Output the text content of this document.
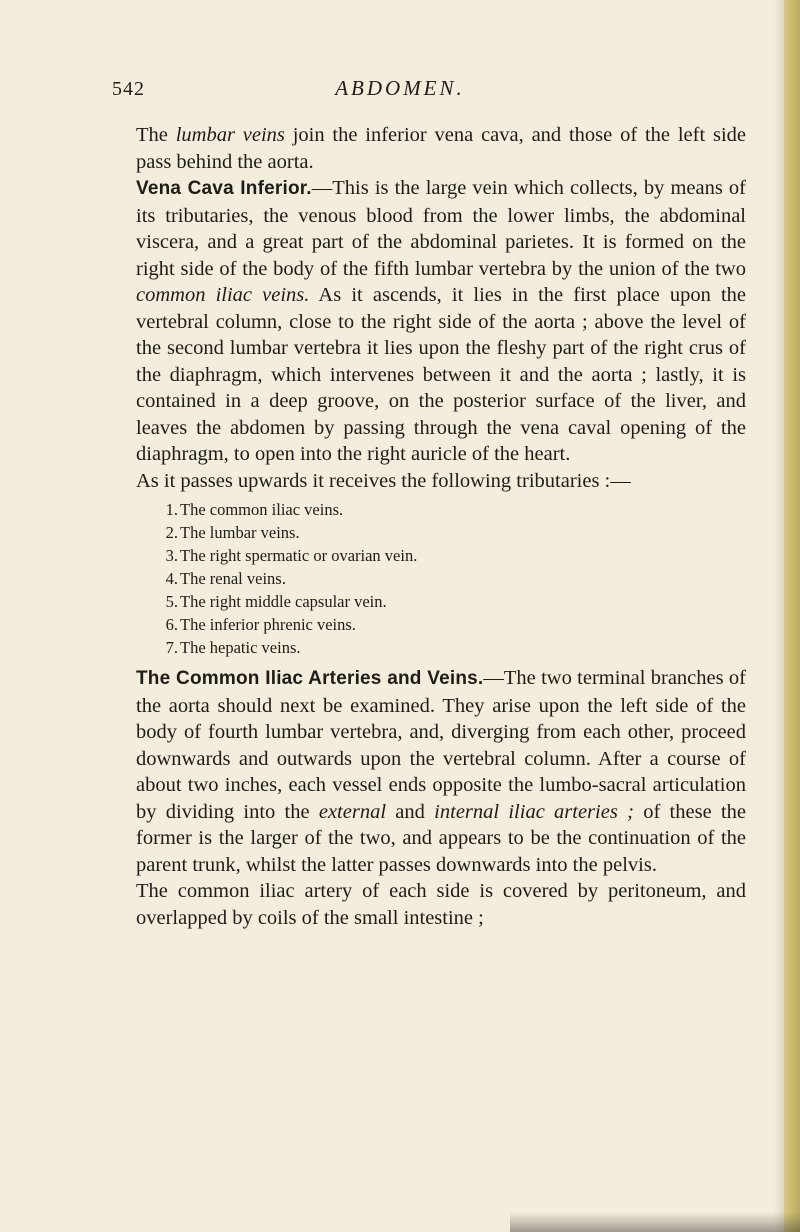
542	ABDOMEN.

The lumbar veins join the inferior vena cava, and those of the left side pass behind the aorta.

Vena Cava Inferior.—This is the large vein which collects, by means of its tributaries, the venous blood from the lower limbs, the abdominal viscera, and a great part of the abdominal parietes. It is formed on the right side of the body of the fifth lumbar vertebra by the union of the two common iliac veins. As it ascends, it lies in the first place upon the vertebral column, close to the right side of the aorta ; above the level of the second lumbar vertebra it lies upon the fleshy part of the right crus of the diaphragm, which intervenes between it and the aorta ; lastly, it is contained in a deep groove, on the posterior surface of the liver, and leaves the abdomen by passing through the vena caval opening of the diaphragm, to open into the right auricle of the heart.

As it passes upwards it receives the following tributaries :—

1. The common iliac veins.
2. The lumbar veins.
3. The right spermatic or ovarian vein.
4. The renal veins.
5. The right middle capsular vein.
6. The inferior phrenic veins.
7. The hepatic veins.

The Common Iliac Arteries and Veins.—The two terminal branches of the aorta should next be examined. They arise upon the left side of the body of fourth lumbar vertebra, and, diverging from each other, proceed downwards and outwards upon the vertebral column. After a course of about two inches, each vessel ends opposite the lumbo-sacral articulation by dividing into the external and internal iliac arteries ; of these the former is the larger of the two, and appears to be the continuation of the parent trunk, whilst the latter passes downwards into the pelvis.

The common iliac artery of each side is covered by peritoneum, and overlapped by coils of the small intestine ;
